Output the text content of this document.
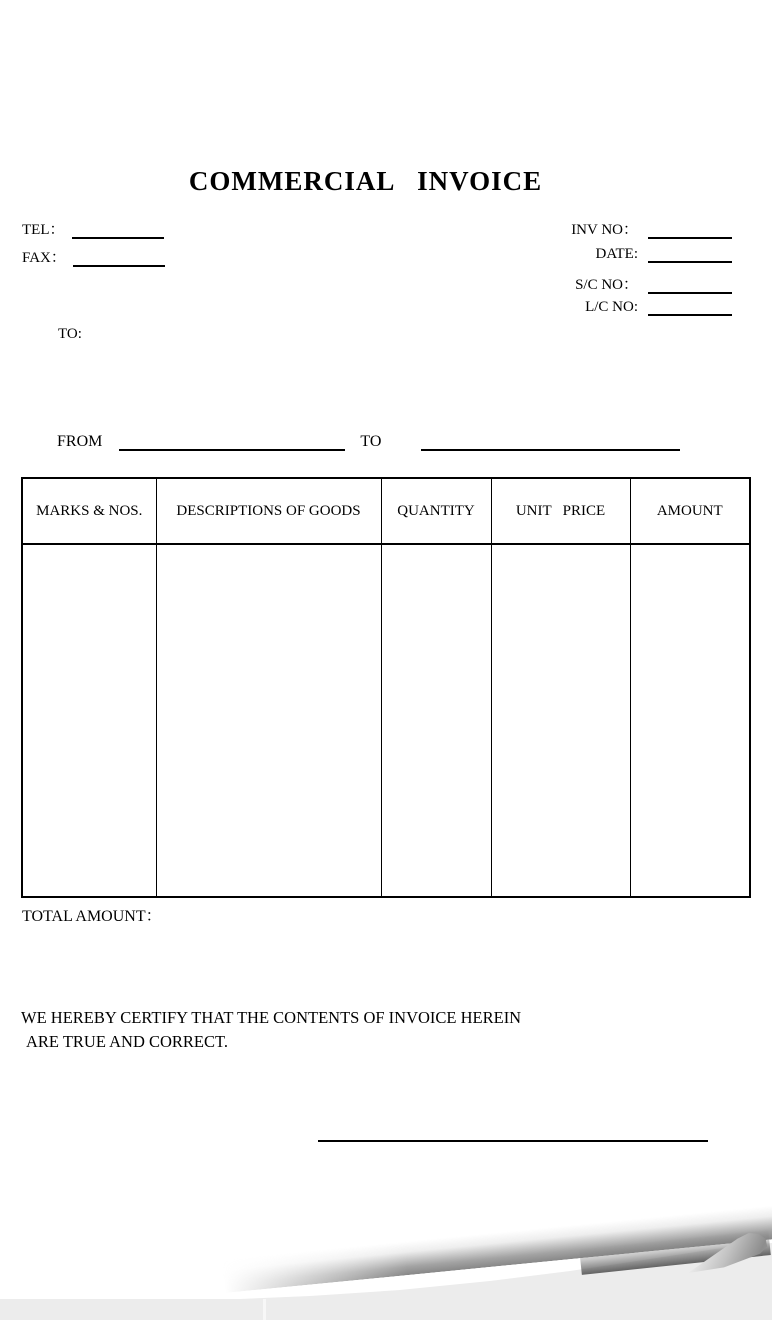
COMMERCIAL   INVOICE
TEL：
FAX：
INV NO：
DATE:
S/C NO：
L/C NO:
TO:
FROM	TO
MARKS & NOS.	DESCRIPTIONS OF GOODS	QUANTITY	UNIT   PRICE	AMOUNT

TOTAL AMOUNT：
WE HEREBY CERTIFY THAT THE CONTENTS OF INVOICE HEREIN
ARE TRUE AND CORRECT.
